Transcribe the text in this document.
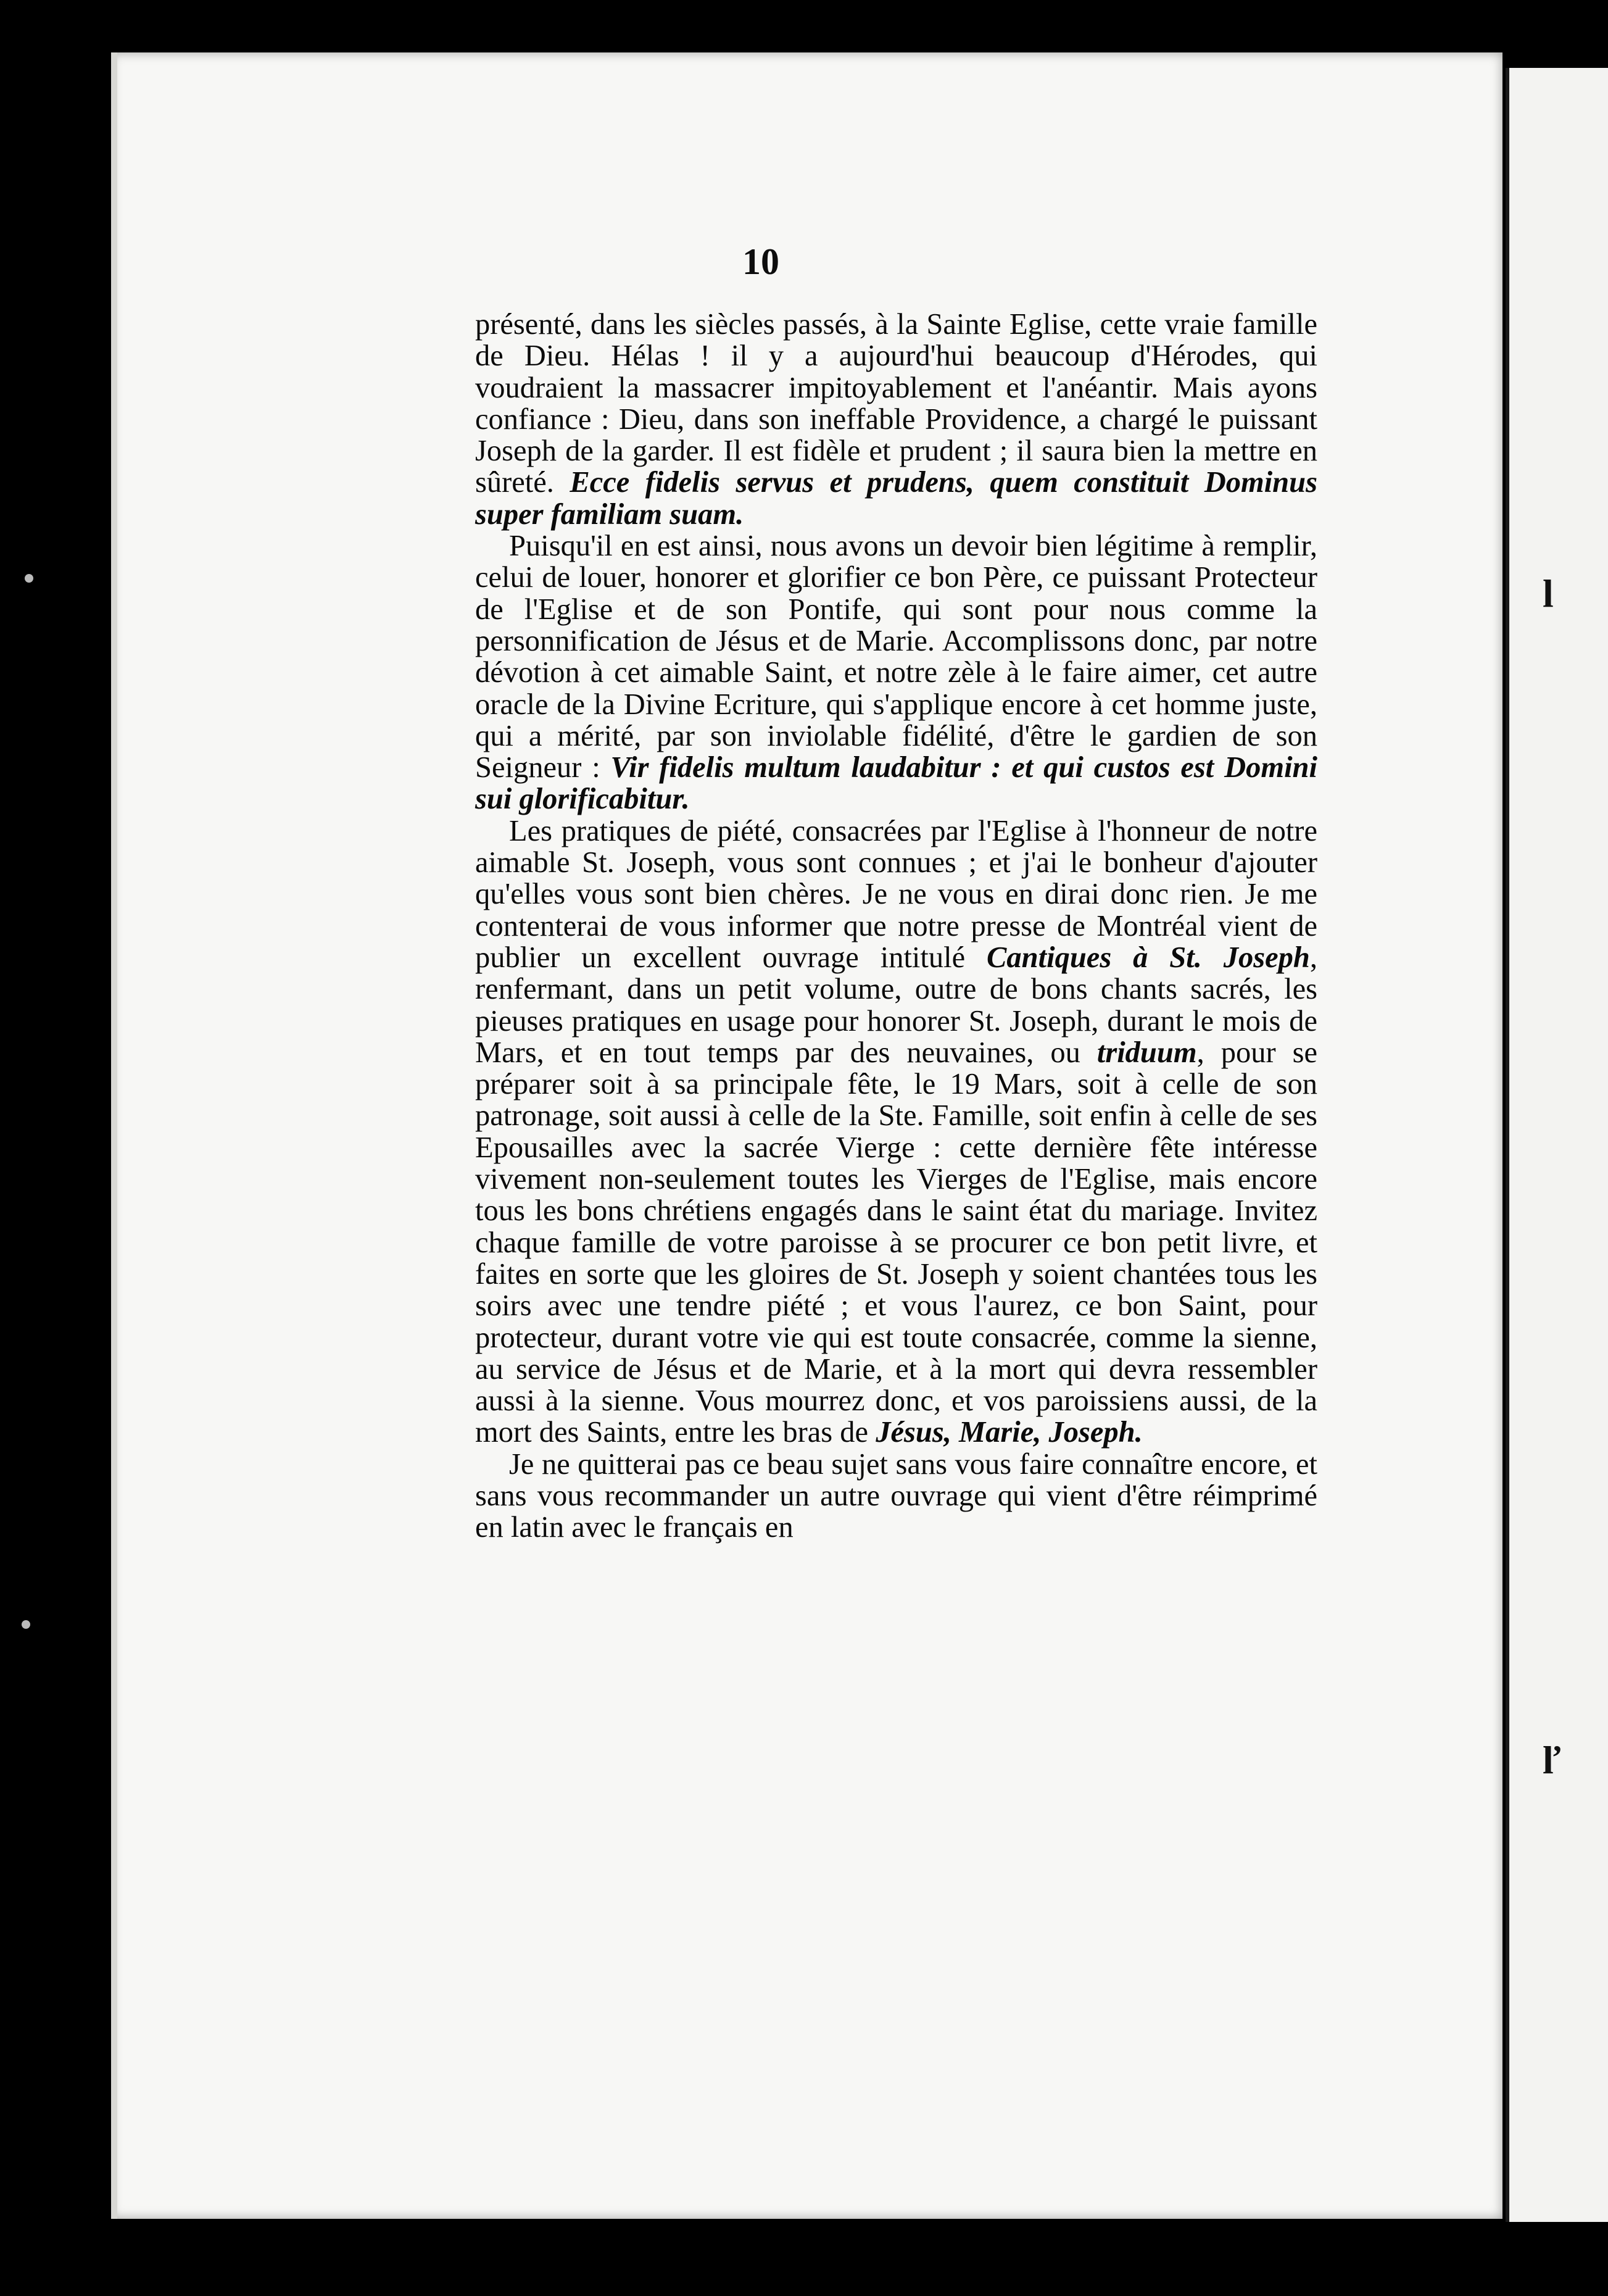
l
ľ
10

présenté, dans les siècles passés, à la Sainte Eglise, cette vraie famille de Dieu. Hélas ! il y a aujourd'hui beaucoup d'Hérodes, qui voudraient la massacrer impitoyablement et l'anéantir. Mais ayons confiance : Dieu, dans son ineffable Providence, a chargé le puissant Joseph de la garder. Il est fidèle et prudent ; il saura bien la mettre en sûreté. Ecce fidelis servus et prudens, quem constituit Dominus super familiam suam.

Puisqu'il en est ainsi, nous avons un devoir bien légitime à remplir, celui de louer, honorer et glorifier ce bon Père, ce puissant Protecteur de l'Eglise et de son Pontife, qui sont pour nous comme la personnification de Jésus et de Marie. Accomplissons donc, par notre dévotion à cet aimable Saint, et notre zèle à le faire aimer, cet autre oracle de la Divine Ecriture, qui s'applique encore à cet homme juste, qui a mérité, par son inviolable fidélité, d'être le gardien de son Seigneur : Vir fidelis multum laudabitur : et qui custos est Domini sui glorificabitur.

Les pratiques de piété, consacrées par l'Eglise à l'honneur de notre aimable St. Joseph, vous sont connues ; et j'ai le bonheur d'ajouter qu'elles vous sont bien chères. Je ne vous en dirai donc rien. Je me contenterai de vous informer que notre presse de Montréal vient de publier un excellent ouvrage intitulé Cantiques à St. Joseph, renfermant, dans un petit volume, outre de bons chants sacrés, les pieuses pratiques en usage pour honorer St. Joseph, durant le mois de Mars, et en tout temps par des neuvaines, ou triduum, pour se préparer soit à sa principale fête, le 19 Mars, soit à celle de son patronage, soit aussi à celle de la Ste. Famille, soit enfin à celle de ses Epousailles avec la sacrée Vierge : cette dernière fête intéresse vivement non-seulement toutes les Vierges de l'Eglise, mais encore tous les bons chrétiens engagés dans le saint état du mariage. Invitez chaque famille de votre paroisse à se procurer ce bon petit livre, et faites en sorte que les gloires de St. Joseph y soient chantées tous les soirs avec une tendre piété ; et vous l'aurez, ce bon Saint, pour protecteur, durant votre vie qui est toute consacrée, comme la sienne, au service de Jésus et de Marie, et à la mort qui devra ressembler aussi à la sienne. Vous mourrez donc, et vos paroissiens aussi, de la mort des Saints, entre les bras de Jésus, Marie, Joseph.

Je ne quitterai pas ce beau sujet sans vous faire connaître encore, et sans vous recommander un autre ouvrage qui vient d'être réimprimé en latin avec le français en
